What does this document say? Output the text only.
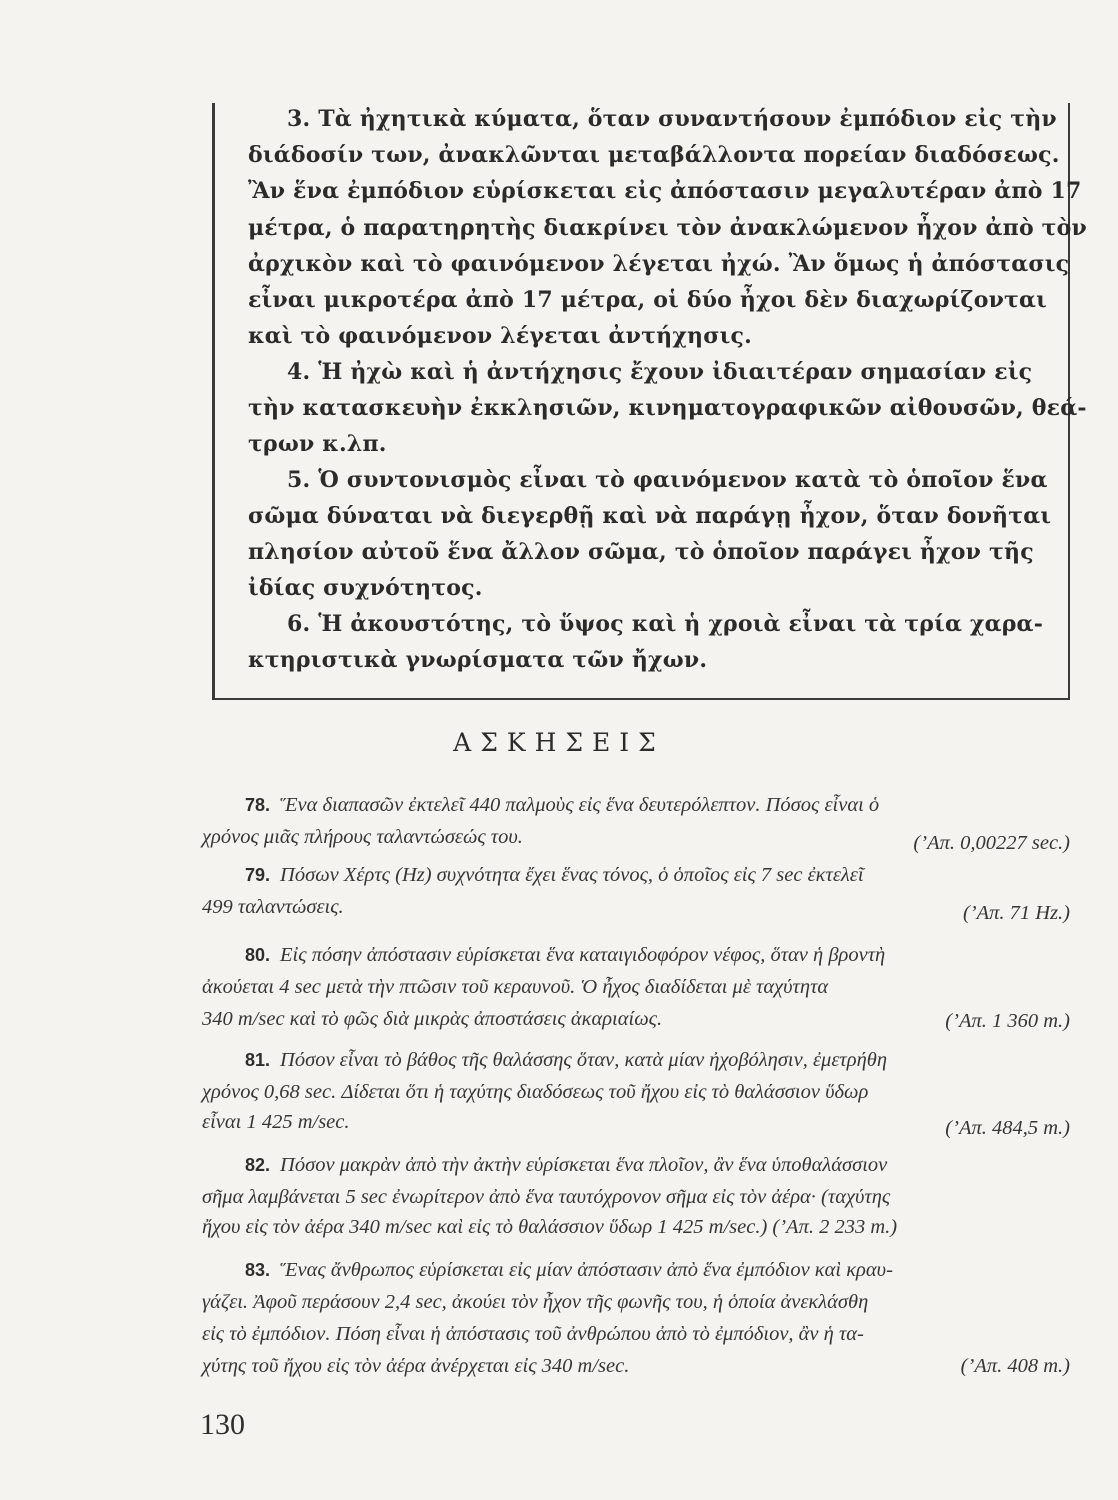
3. Τὰ ἠχητικὰ κύματα, ὅταν συναντήσουν ἐμπόδιον εἰς τὴν
διάδοσίν των, ἀνακλῶνται μεταβάλλοντα πορείαν διαδόσεως.
Ἂν ἕνα ἐμπόδιον εὑρίσκεται εἰς ἀπόστασιν μεγαλυτέραν ἀπὸ 17
μέτρα, ὁ παρατηρητὴς διακρίνει τὸν ἀνακλώμενον ἦχον ἀπὸ τὸν
ἀρχικὸν καὶ τὸ φαινόμενον λέγεται ἠχώ. Ἂν ὅμως ἡ ἀπόστασις
εἶναι μικροτέρα ἀπὸ 17 μέτρα, οἱ δύο ἦχοι δὲν διαχωρίζονται
καὶ τὸ φαινόμενον λέγεται ἀντήχησις.
4. Ἡ ἠχὼ καὶ ἡ ἀντήχησις ἔχουν ἰδιαιτέραν σημασίαν εἰς
τὴν κατασκευὴν ἐκκλησιῶν, κινηματογραφικῶν αἰθουσῶν, θεά-
τρων κ.λπ.
5. Ὁ συντονισμὸς εἶναι τὸ φαινόμενον κατὰ τὸ ὁποῖον ἕνα
σῶμα δύναται νὰ διεγερθῇ καὶ νὰ παράγῃ ἦχον, ὅταν δονῆται
πλησίον αὐτοῦ ἕνα ἄλλον σῶμα, τὸ ὁποῖον παράγει ἦχον τῆς
ἰδίας συχνότητος.
6. Ἡ ἀκουστότης, τὸ ὕψος καὶ ἡ χροιὰ εἶναι τὰ τρία χαρα-
κτηριστικὰ γνωρίσματα τῶν ἤχων.
ΑΣΚΗΣΕΙΣ
78. Ἕνα διαπασῶν ἐκτελεῖ 440 παλμοὺς εἰς ἕνα δευτερόλεπτον. Πόσος εἶναι ὁ
χρόνος μιᾶς πλήρους ταλαντώσεώς του.	(’Απ. 0,00227 sec.)
79. Πόσων Χέρτς (Hz) συχνότητα ἔχει ἕνας τόνος, ὁ ὁποῖος εἰς 7 sec ἐκτελεῖ
499 ταλαντώσεις.	(’Απ. 71 Hz.)
80. Εἰς πόσην ἀπόστασιν εὑρίσκεται ἕνα καταιγιδοφόρον νέφος, ὅταν ἡ βροντὴ
ἀκούεται 4 sec μετὰ τὴν πτῶσιν τοῦ κεραυνοῦ. Ὁ ἦχος διαδίδεται μὲ ταχύτητα
340 m/sec καὶ τὸ φῶς διὰ μικρὰς ἀποστάσεις ἀκαριαίως.	(’Απ. 1 360 m.)
81. Πόσον εἶναι τὸ βάθος τῆς θαλάσσης ὅταν, κατὰ μίαν ἠχοβόλησιν, ἐμετρήθη
χρόνος 0,68 sec. Δίδεται ὅτι ἡ ταχύτης διαδόσεως τοῦ ἤχου εἰς τὸ θαλάσσιον ὕδωρ
εἶναι 1 425 m/sec.	(’Απ. 484,5 m.)
82. Πόσον μακρὰν ἀπὸ τὴν ἀκτὴν εὑρίσκεται ἕνα πλοῖον, ἂν ἕνα ὑποθαλάσσιον
σῆμα λαμβάνεται 5 sec ἐνωρίτερον ἀπὸ ἕνα ταυτόχρονον σῆμα εἰς τὸν ἀέρα· (ταχύτης
ἤχου εἰς τὸν ἀέρα 340 m/sec καὶ εἰς τὸ θαλάσσιον ὕδωρ 1 425 m/sec.) (’Απ. 2 233 m.)
83. Ἕνας ἄνθρωπος εὑρίσκεται εἰς μίαν ἀπόστασιν ἀπὸ ἕνα ἐμπόδιον καὶ κραυ-
γάζει. Ἀφοῦ περάσουν 2,4 sec, ἀκούει τὸν ἦχον τῆς φωνῆς του, ἡ ὁποία ἀνεκλάσθη
εἰς τὸ ἐμπόδιον. Πόση εἶναι ἡ ἀπόστασις τοῦ ἀνθρώπου ἀπὸ τὸ ἐμπόδιον, ἂν ἡ τα-
χύτης τοῦ ἤχου εἰς τὸν ἀέρα ἀνέρχεται εἰς 340 m/sec.	(’Απ. 408 m.)
130
